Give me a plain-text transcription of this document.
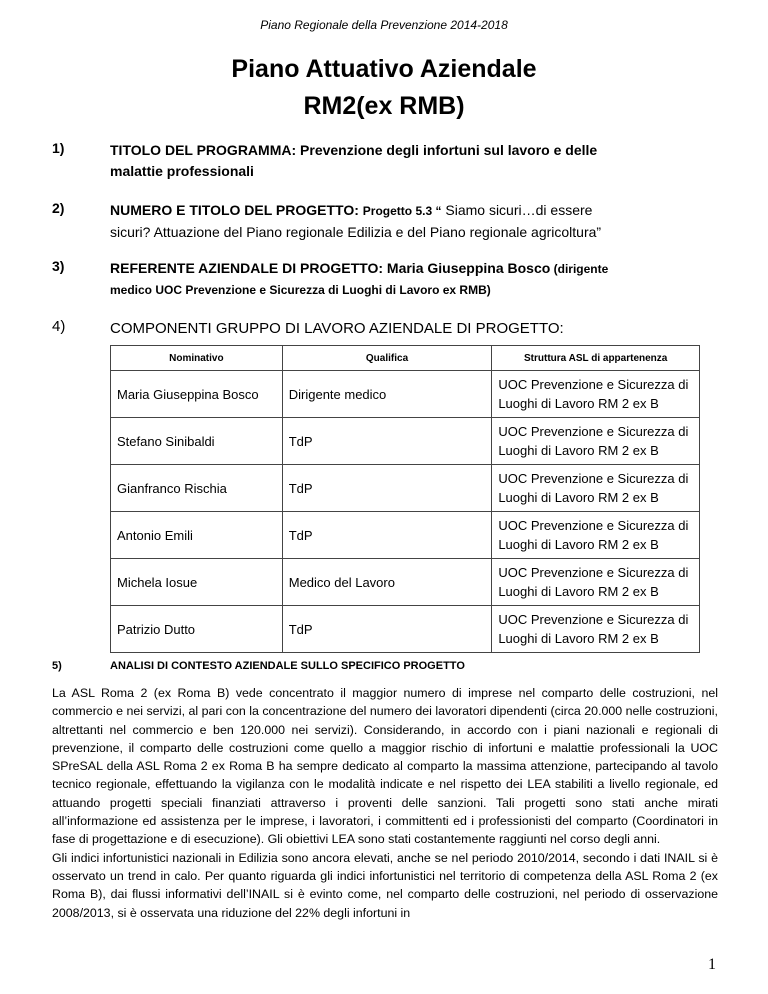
Piano Regionale della Prevenzione 2014-2018
Piano Attuativo Aziendale
RM2(ex RMB)
1)	TITOLO DEL PROGRAMMA: Prevenzione degli infortuni sul lavoro e delle
malattie professionali
2)	NUMERO E TITOLO DEL PROGETTO: Progetto 5.3 “ Siamo sicuri…di essere
sicuri? Attuazione del Piano regionale Edilizia e del Piano regionale agricoltura”
3)	REFERENTE AZIENDALE DI PROGETTO: Maria Giuseppina Bosco (dirigente
medico UOC Prevenzione e Sicurezza di Luoghi di Lavoro ex RMB)
4)	COMPONENTI GRUPPO DI LAVORO AZIENDALE DI PROGETTO:
Nominativo	Qualifica	Struttura ASL di appartenenza
Maria Giuseppina Bosco	Dirigente medico	UOC Prevenzione e Sicurezza di
Luoghi di Lavoro RM 2 ex B

Stefano Sinibaldi	TdP	UOC Prevenzione e Sicurezza di
Luoghi di Lavoro RM 2 ex B

Gianfranco Rischia	TdP	UOC Prevenzione e Sicurezza di
Luoghi di Lavoro RM 2 ex B

Antonio Emili	TdP	UOC Prevenzione e Sicurezza di
Luoghi di Lavoro RM 2 ex B

Michela Iosue	Medico del Lavoro	UOC Prevenzione e Sicurezza di
Luoghi di Lavoro RM 2 ex B

Patrizio Dutto	TdP	UOC Prevenzione e Sicurezza di
Luoghi di Lavoro RM 2 ex B
5)	ANALISI DI CONTESTO AZIENDALE SULLO SPECIFICO PROGETTO

La ASL Roma 2 (ex Roma B) vede concentrato il maggior numero di imprese nel comparto delle costruzioni, nel commercio e nei servizi, al pari con la concentrazione del numero dei lavoratori dipendenti (circa 20.000 nelle costruzioni, altrettanti nel commercio e ben 120.000 nei servizi). Considerando, in accordo con i piani nazionali e regionali di prevenzione, il comparto delle costruzioni come quello a maggior rischio di infortuni e malattie professionali la UOC SPreSAL della ASL Roma 2 ex Roma B ha sempre dedicato al comparto la massima attenzione, partecipando al tavolo tecnico regionale, effettuando la vigilanza con le modalità indicate e nel rispetto dei LEA stabiliti a livello regionale, ed attuando progetti speciali finanziati attraverso i proventi delle sanzioni. Tali progetti sono stati anche mirati all’informazione ed assistenza per le imprese, i lavoratori, i committenti ed i professionisti del comparto (Coordinatori in fase di progettazione e di esecuzione). Gli obiettivi LEA sono stati costantemente raggiunti nel corso degli anni.

Gli indici infortunistici nazionali in Edilizia sono ancora elevati, anche se nel periodo 2010/2014, secondo i dati INAIL si è osservato un trend in calo. Per quanto riguarda gli indici infortunistici nel territorio di competenza della ASL Roma 2 (ex Roma B), dai flussi informativi dell’INAIL si è evinto come, nel comparto delle costruzioni, nel periodo di osservazione 2008/2013, si è osservata una riduzione del 22% degli infortuni in

1
